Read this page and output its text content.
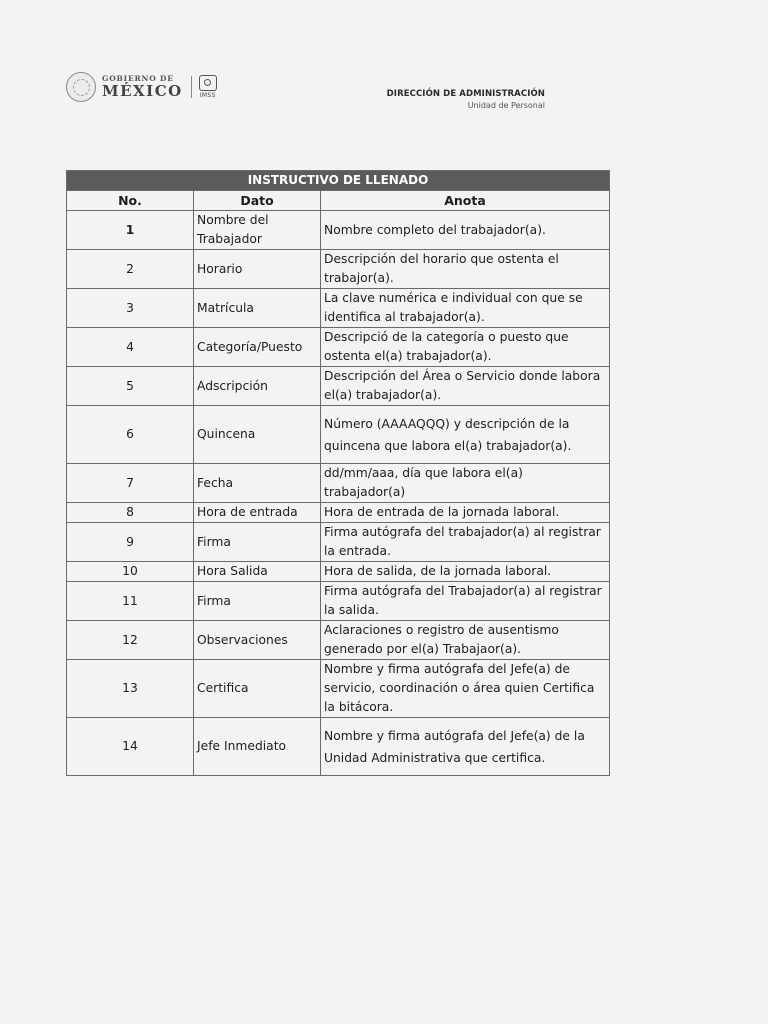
GOBIERNO DE
MÉXICO	IMSS	DIRECCIÓN DE ADMINISTRACIÓN
Unidad de Personal
INSTRUCTIVO DE LLENADO		
No.	Dato	Anota
1	Nombre del Trabajador	Nombre completo del trabajador(a).
2	Horario	Descripción del horario que ostenta el trabajor(a).
3	Matrícula	La clave numérica e individual con que se identifica al trabajador(a).
4	Categoría/Puesto	Descripció de la categoría o puesto que ostenta el(a) trabajador(a).
5	Adscripción	Descripción del Área o Servicio donde labora el(a) trabajador(a).
6	Quincena	Número (AAAAQQQ) y descripción de la quincena que labora el(a) trabajador(a).
7	Fecha	dd/mm/aaa, día que labora el(a) trabajador(a)
8	Hora de entrada	Hora de entrada de la jornada laboral.
9	Firma	Firma autógrafa del trabajador(a) al registrar la entrada.
10	Hora Salida	Hora de salida, de la jornada laboral.
11	Firma	Firma autógrafa del Trabajador(a) al registrar la salida.
12	Observaciones	Aclaraciones o registro de ausentismo generado por el(a) Trabajaor(a).
13	Certifica	Nombre y firma autógrafa del Jefe(a) de servicio, coordinación o área quien Certifica la bitácora.
14	Jefe Inmediato	Nombre y firma autógrafa del Jefe(a) de la Unidad Administrativa que certifica.
